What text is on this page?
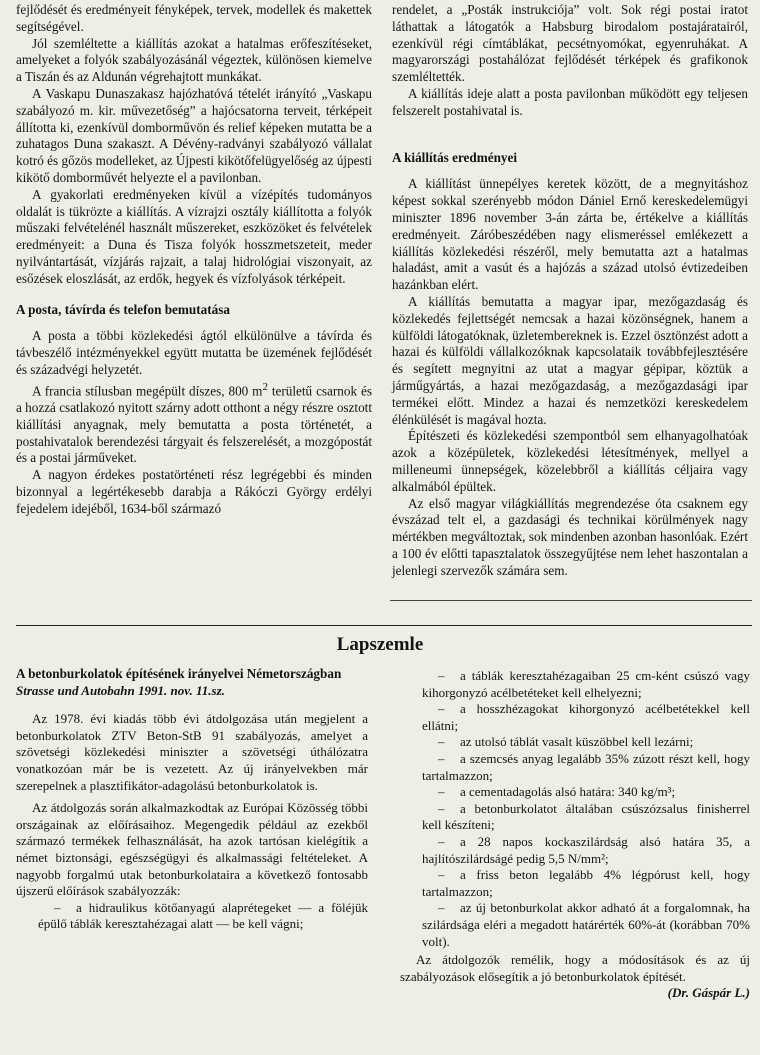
fejlődését és eredményeit fényképek, tervek, modellek és makettek segítségével.

Jól szemléltette a kiállítás azokat a hatalmas erőfeszítéseket, amelyeket a folyók szabályozásánál végeztek, különösen kiemelve a Tiszán és az Aldunán végrehajtott munkákat.

A Vaskapu Dunaszakasz hajózhatóvá tételét irányító „Vaskapu szabályozó m. kir. művezetőség” a hajócsatorna terveit, térképeit állította ki, ezenkívül domborművön és relief képeken mutatta be a zuhatagos Duna szakaszt. A Dévény-radványi szabályozó vállalat kotró és gőzös modelleket, az Újpesti kikötőfelügyelőség az újpesti kikötő domborművét helyezte el a pavilonban.

A gyakorlati eredményeken kívül a vízépítés tudományos oldalát is tükrözte a kiállítás. A vízrajzi osztály kiállította a folyók műszaki felvételénél használt műszereket, eszközöket és felvételek eredményeit: a Duna és Tisza folyók hosszmetszeteit, meder nyilvántartását, vízjárás rajzait, a talaj hidrológiai viszonyait, az esőzések eloszlását, az erdők, hegyek és vízfolyások térképeit.

A posta, távírda és telefon bemutatása

A posta a többi közlekedési ágtól elkülönülve a távírda és távbeszélő intézményekkel együtt mutatta be üzemének fejlődését és századvégi helyzetét.

A francia stílusban megépült díszes, 800 $m^2$ területű csarnok és a hozzá csatlakozó nyitott szárny adott otthont a négy részre osztott kiállítási anyagnak, mely bemutatta a posta történetét, a postahivatalok berendezési tárgyait és felszerelését, a mozgópostát és a postai járműveket.

A nagyon érdekes postatörténeti rész legrégebbi és minden bizonnyal a legértékesebb darabja a Rákóczi György erdélyi fejedelem idejéből, 1634-ből származó

rendelet, a „Posták instrukciója” volt. Sok régi postai iratot láthattak a látogatók a Habsburg birodalom postajáratairól, ezenkívül régi címtáblákat, pecsétnyomókat, egyenruhákat. A magyarországi postahálózat fejlődését térképek és grafikonok szemléltették.

A kiállítás ideje alatt a posta pavilonban működött egy teljesen felszerelt postahivatal is.

A kiállítás eredményei

A kiállítást ünnepélyes keretek között, de a megnyitáshoz képest sokkal szerényebb módon Dániel Ernő kereskedelemügyi miniszter 1896 november 3-án zárta be, értékelve a kiállítás eredményeit. Záróbeszédében nagy elismeréssel emlékezett a kiállítás közlekedési részéről, mely bemutatta azt a hatalmas haladást, amit a vasút és a hajózás a század utolsó évtizedeiben hazánkban elért.

A kiállítás bemutatta a magyar ipar, mezőgazdaság és közlekedés fejlettségét nemcsak a hazai közönségnek, hanem a külföldi látogatóknak, üzletembereknek is. Ezzel ösztönzést adott a hazai és külföldi vállalkozóknak kapcsolataik továbbfejlesztésére és segített megnyitni az utat a magyar gépipar, köztük a járműgyártás, a hazai mezőgazdaság, a mezőgazdasági ipar termékei előtt. Mindez a hazai és nemzetközi kereskedelem élénkülését is magával hozta.

Építészeti és közlekedési szempontból sem elhanyagolhatóak azok a középületek, közlekedési létesítmények, mellyel a milleneumi ünnepségek, közelebbről a kiállítás céljaira vagy alkalmából épültek.

Az első magyar világkiállítás megrendezése óta csaknem egy évszázad telt el, a gazdasági és technikai körülmények nagy mértékben megváltoztak, sok mindenben azonban hasonlóak. Ezért a 100 év előtti tapasztalatok összegyűjtése nem lehet haszontalan a jelenlegi szervezők számára sem.

Lapszemle
A betonburkolatok építésének irányelvei Németországban

Strasse und Autobahn 1991. nov. 11.sz.

Az 1978. évi kiadás több évi átdolgozása után megjelent a betonburkolatok ZTV Beton-StB 91 szabályozás, amelyet a szövetségi közlekedési miniszter a szövetségi úthálózatra vonatkozóan már be is vezetett. Az új irányelvekben már szerepelnek a plasztifikátor-adagolású betonburkolatok is.

Az átdolgozás során alkalmazkodtak az Európai Közösség többi országainak az előírásaihoz. Megengedik például az ezekből származó termékek felhasználását, ha azok tartósan kielégítik a német biztonsági, egészségügyi és alkalmassági feltételeket. A nagyobb forgalmú utak betonburkolataira a következő fontosabb újszerű előírások szabályozzák:

– a hidraulikus kötőanyagú alaprétegeket — a föléjük épülő táblák keresztahézagai alatt — be kell vágni;

– a táblák keresztahézagaiban 25 cm-ként csúszó vagy kihorgonyzó acélbetéteket kell elhelyezni;

– a hosszhézagokat kihorgonyzó acélbetétekkel kell ellátni;

– az utolsó táblát vasalt küszöbbel kell lezárni;

– a szemcsés anyag legalább 35% zúzott részt kell, hogy tartalmazzon;

– a cementadagolás alsó határa: 340 kg/m³;

– a betonburkolatot általában csúszózsalus finisherrel kell készíteni;

– a 28 napos kockaszilárdság alsó határa 35, a hajlítószilárdságé pedig 5,5 N/mm²;

– a friss beton legalább 4% légpórust kell, hogy tartalmazzon;

– az új betonburkolat akkor adható át a forgalomnak, ha szilárdsága eléri a megadott határérték 60%-át (korábban 70% volt).

Az átdolgozók remélik, hogy a módosítások és az új szabályozások elősegítik a jó betonburkolatok építését.

(Dr. Gáspár L.)
